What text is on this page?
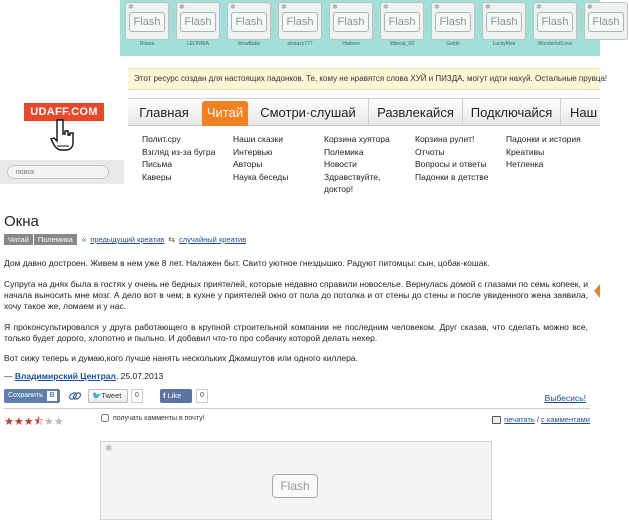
✱
Flash
Rtiana
✱
Flash
LEONNIA
✱
Flash
WowBabe
✱
Flash
ekstazy777
✱
Flash
Hadeen
✱
Flash
littlecat_69
✱
Flash
Goldo
✱
Flash
LuckyMee
✱
Flash
WonderfullLove
✱
Flash
Этот ресурс создан для настоящих падонков. Те, кому не нравятся слова ХУЙ и ПИЗДА, могут идти нахуй. Остальные прувца!
UDAFF.COM
поиск	Главная	Читай	Смотри·слушай	Развлекайся	Подключайся	Наш
Полит.сру
Взгляд из-за бугра
Письма
Каверы
Наши сказки
Интервью
Авторы
Наука беседы
Корзина хуятора
Полемика
Новости
Здравствуйте,
доктор!
Корзина рулит!
Отчоты
Вопросы и ответы
Падонки в детстве
Падонки и история
Креативы
Нетленка
Окна
Читай Полемика « предыдущий креатив ⇆ случайный креатив
Дом давно достроен. Живем в нем уже 8 лет. Налажен быт. Свито уютное гнездышко. Радуют питомцы: сын, цобак-кошак.
Супруга на днях была в гостях у очень не бедных приятелей, которые недавно справили новоселье. Вернулась домой с глазами по семь копеек, и начала выносить мне мозг. А дело вот в чем; в кухне у приятелей окно от пола до потолка и от стены до стены и после увиденного жена заявила, хочу такое же, ломаем и у нас.
Я проконсультировался у друга работающего в крупной строительной компании не последним человеком. Друг сказав, что сделать можно все, только будет дорого, хлопотно и пыльно. И добавил что-то про собачку которой делать нехер.
Вот сижу теперь и думаю,кого лучше нанять нескольких Джамшутов или одного киллера.
— Владимирский Централ, 25.07.2013
Сохранить В	🐦Tweet	0	f Like	0	Выбесись!
★★★⯪★★	получать камменты в почту!	печатать / с камментами
✱
Flash
